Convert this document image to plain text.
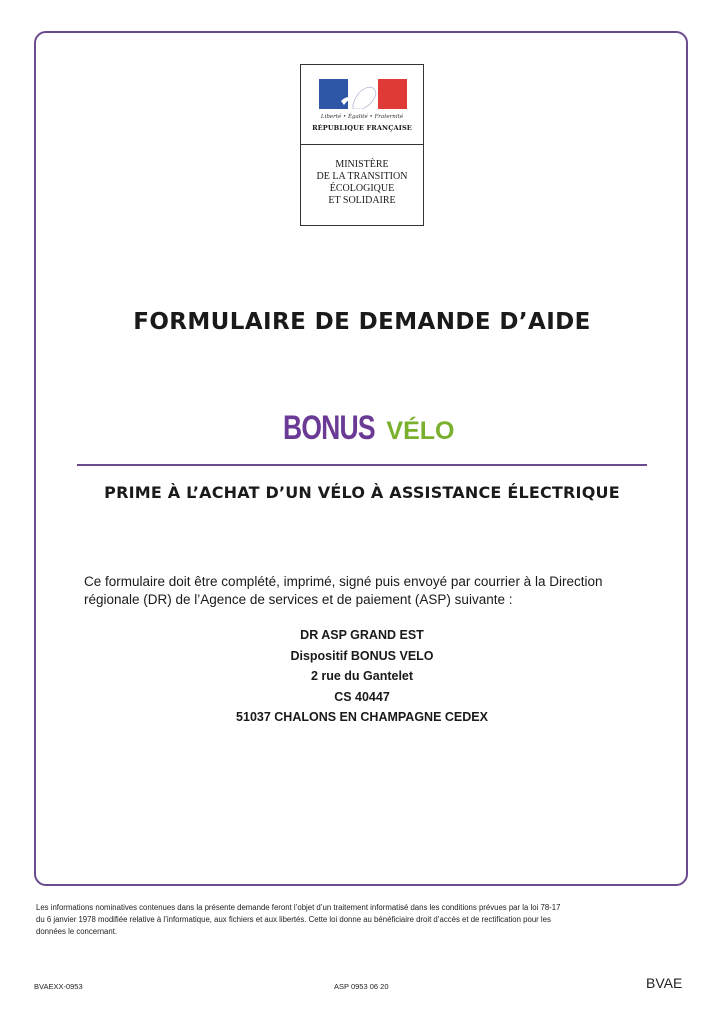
Liberté • Égalité • Fraternité
RÉPUBLIQUE FRANÇAISE
MINISTÈRE
DE LA TRANSITION
ÉCOLOGIQUE
ET SOLIDAIRE
FORMULAIRE DE DEMANDE D’AIDE
BONUS VÉLO
PRIME À L’ACHAT D’UN VÉLO À ASSISTANCE ÉLECTRIQUE
Ce formulaire doit être complété, imprimé, signé puis envoyé par courrier à la Direction
régionale (DR) de l’Agence de services et de paiement (ASP) suivante :
DR ASP GRAND EST
Dispositif BONUS VELO
2 rue du Gantelet
CS 40447
51037 CHALONS EN CHAMPAGNE CEDEX
Les informations nominatives contenues dans la présente demande feront l’objet d’un traitement informatisé dans les conditions prévues par la loi 78-17
du 6 janvier 1978 modifiée relative à l’informatique, aux fichiers et aux libertés. Cette loi donne au bénéficiaire droit d’accès et de rectification pour les
données le concernant.
BVAEXX-0953	ASP 0953 06 20	BVAE
